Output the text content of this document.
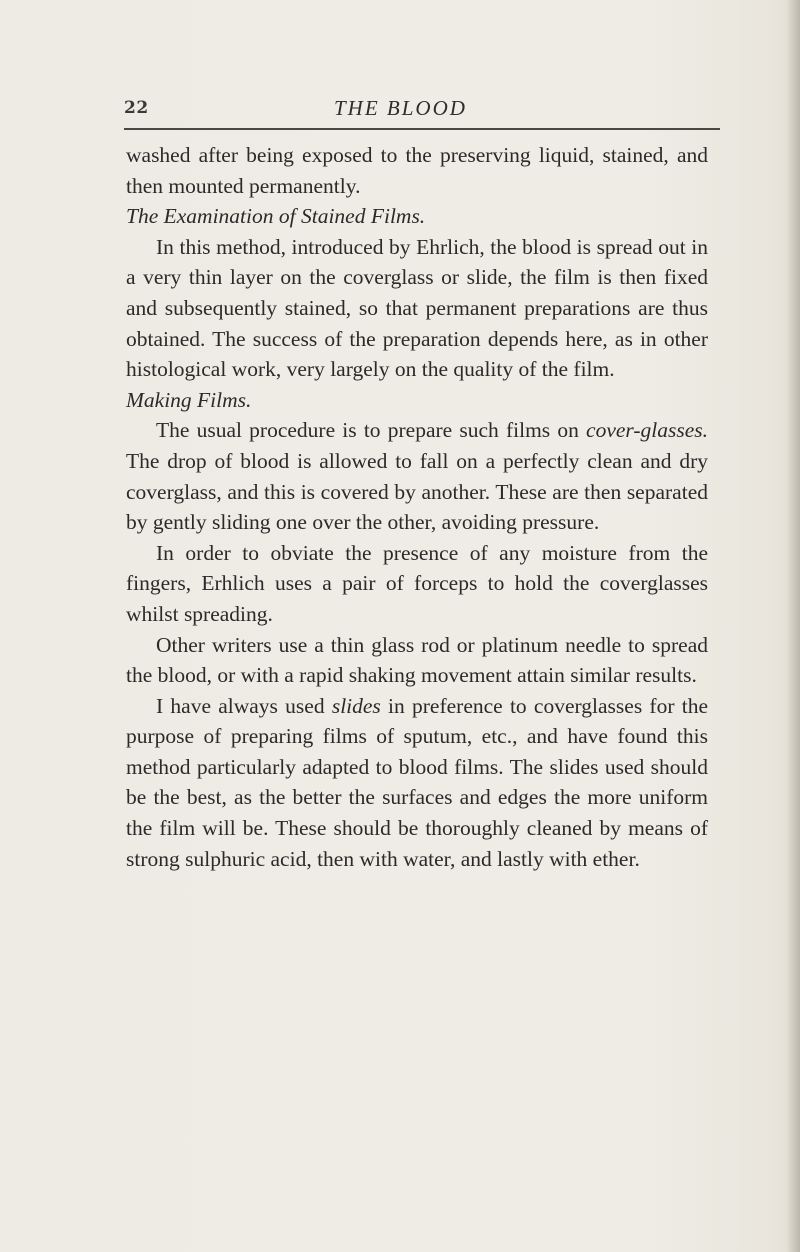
22	THE BLOOD

washed after being exposed to the preserving liquid, stained, and then mounted permanently.

The Examination of Stained Films.

In this method, introduced by Ehrlich, the blood is spread out in a very thin layer on the coverglass or slide, the film is then fixed and subsequently stained, so that permanent preparations are thus obtained. The success of the preparation depends here, as in other histological work, very largely on the quality of the film.

Making Films.

The usual procedure is to prepare such films on cover-glasses. The drop of blood is allowed to fall on a perfectly clean and dry coverglass, and this is covered by another. These are then separated by gently sliding one over the other, avoiding pressure.

In order to obviate the presence of any moisture from the fingers, Erhlich uses a pair of forceps to hold the coverglasses whilst spreading.

Other writers use a thin glass rod or platinum needle to spread the blood, or with a rapid shaking movement attain similar results.

I have always used slides in preference to coverglasses for the purpose of preparing films of sputum, etc., and have found this method particularly adapted to blood films. The slides used should be the best, as the better the surfaces and edges the more uniform the film will be. These should be thoroughly cleaned by means of strong sulphuric acid, then with water, and lastly with ether.
